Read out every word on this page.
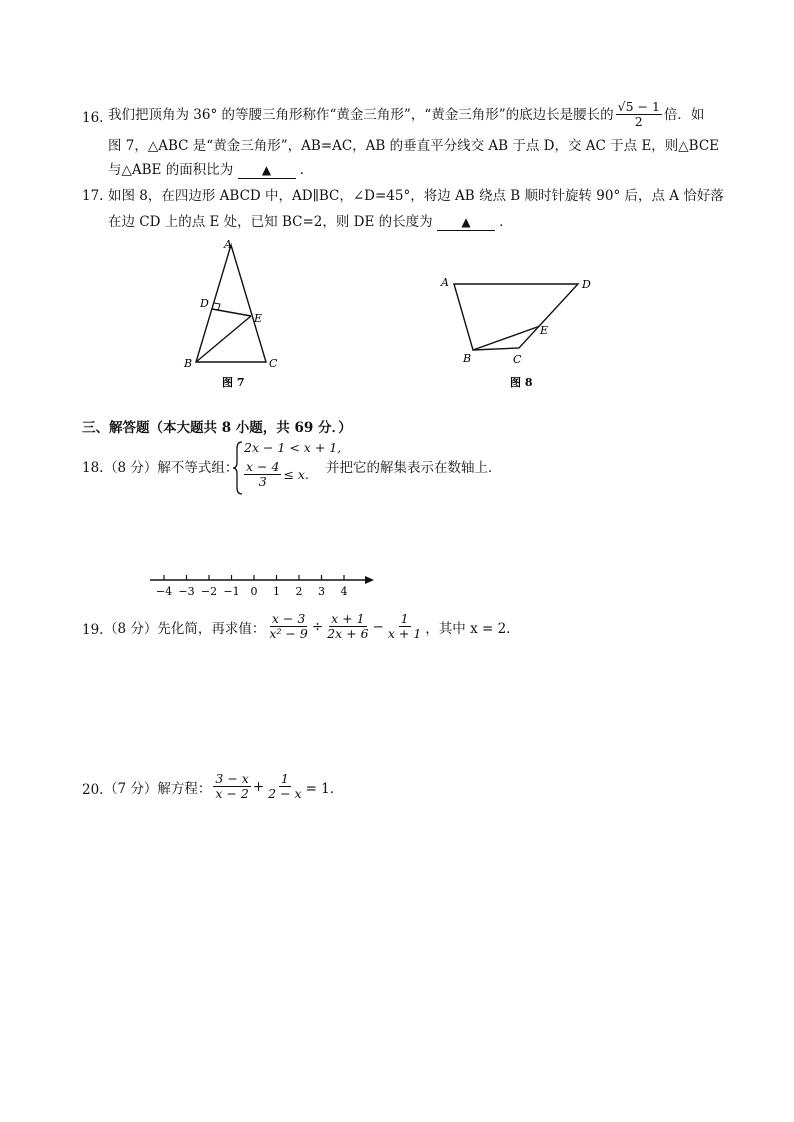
16. 我们把顶角为 36° 的等腰三角形称作“黄金三角形”，“黄金三角形”的底边长是腰长的 $\frac{√5 - 1}{2}$ 倍．如
图 7，△ABC 是“黄金三角形”，AB=AC，AB 的垂直平分线交 AB 于点 D，交 AC 于点 E，则△BCE
与△ABE 的面积比为 ▲ ．
17. 如图 8，在四边形 ABCD 中，AD∥BC，∠D=45°，将边 AB 绕点 B 顺时针旋转 90° 后，点 A 恰好落
在边 CD 上的点 E 处，已知 BC=2，则 DE 的长度为 ▲ ．
A
B	C
D
E
图 7
A	D
B	C
E
图 8
三、解答题（本大题共 8 小题，共 69 分．）
18. （8 分）解不等式组：
2x − 1 < x + 1,
$\frac{x - 4}{3} \le x$. 并把它的解集表示在数轴上．
−4 −3 −2 −1 0 1 2 3 4
19. （8 分）先化简，再求值： $\frac{x - 3}{\text{x² − 9}} \div \frac{x + 1}{2x + 6} - \frac{1}{x + 1}$ ，其中 x = 2．
20. （7 分）解方程： $\frac{3 - x}{x - 2} + \frac{1}{2 - x} = 1$．
